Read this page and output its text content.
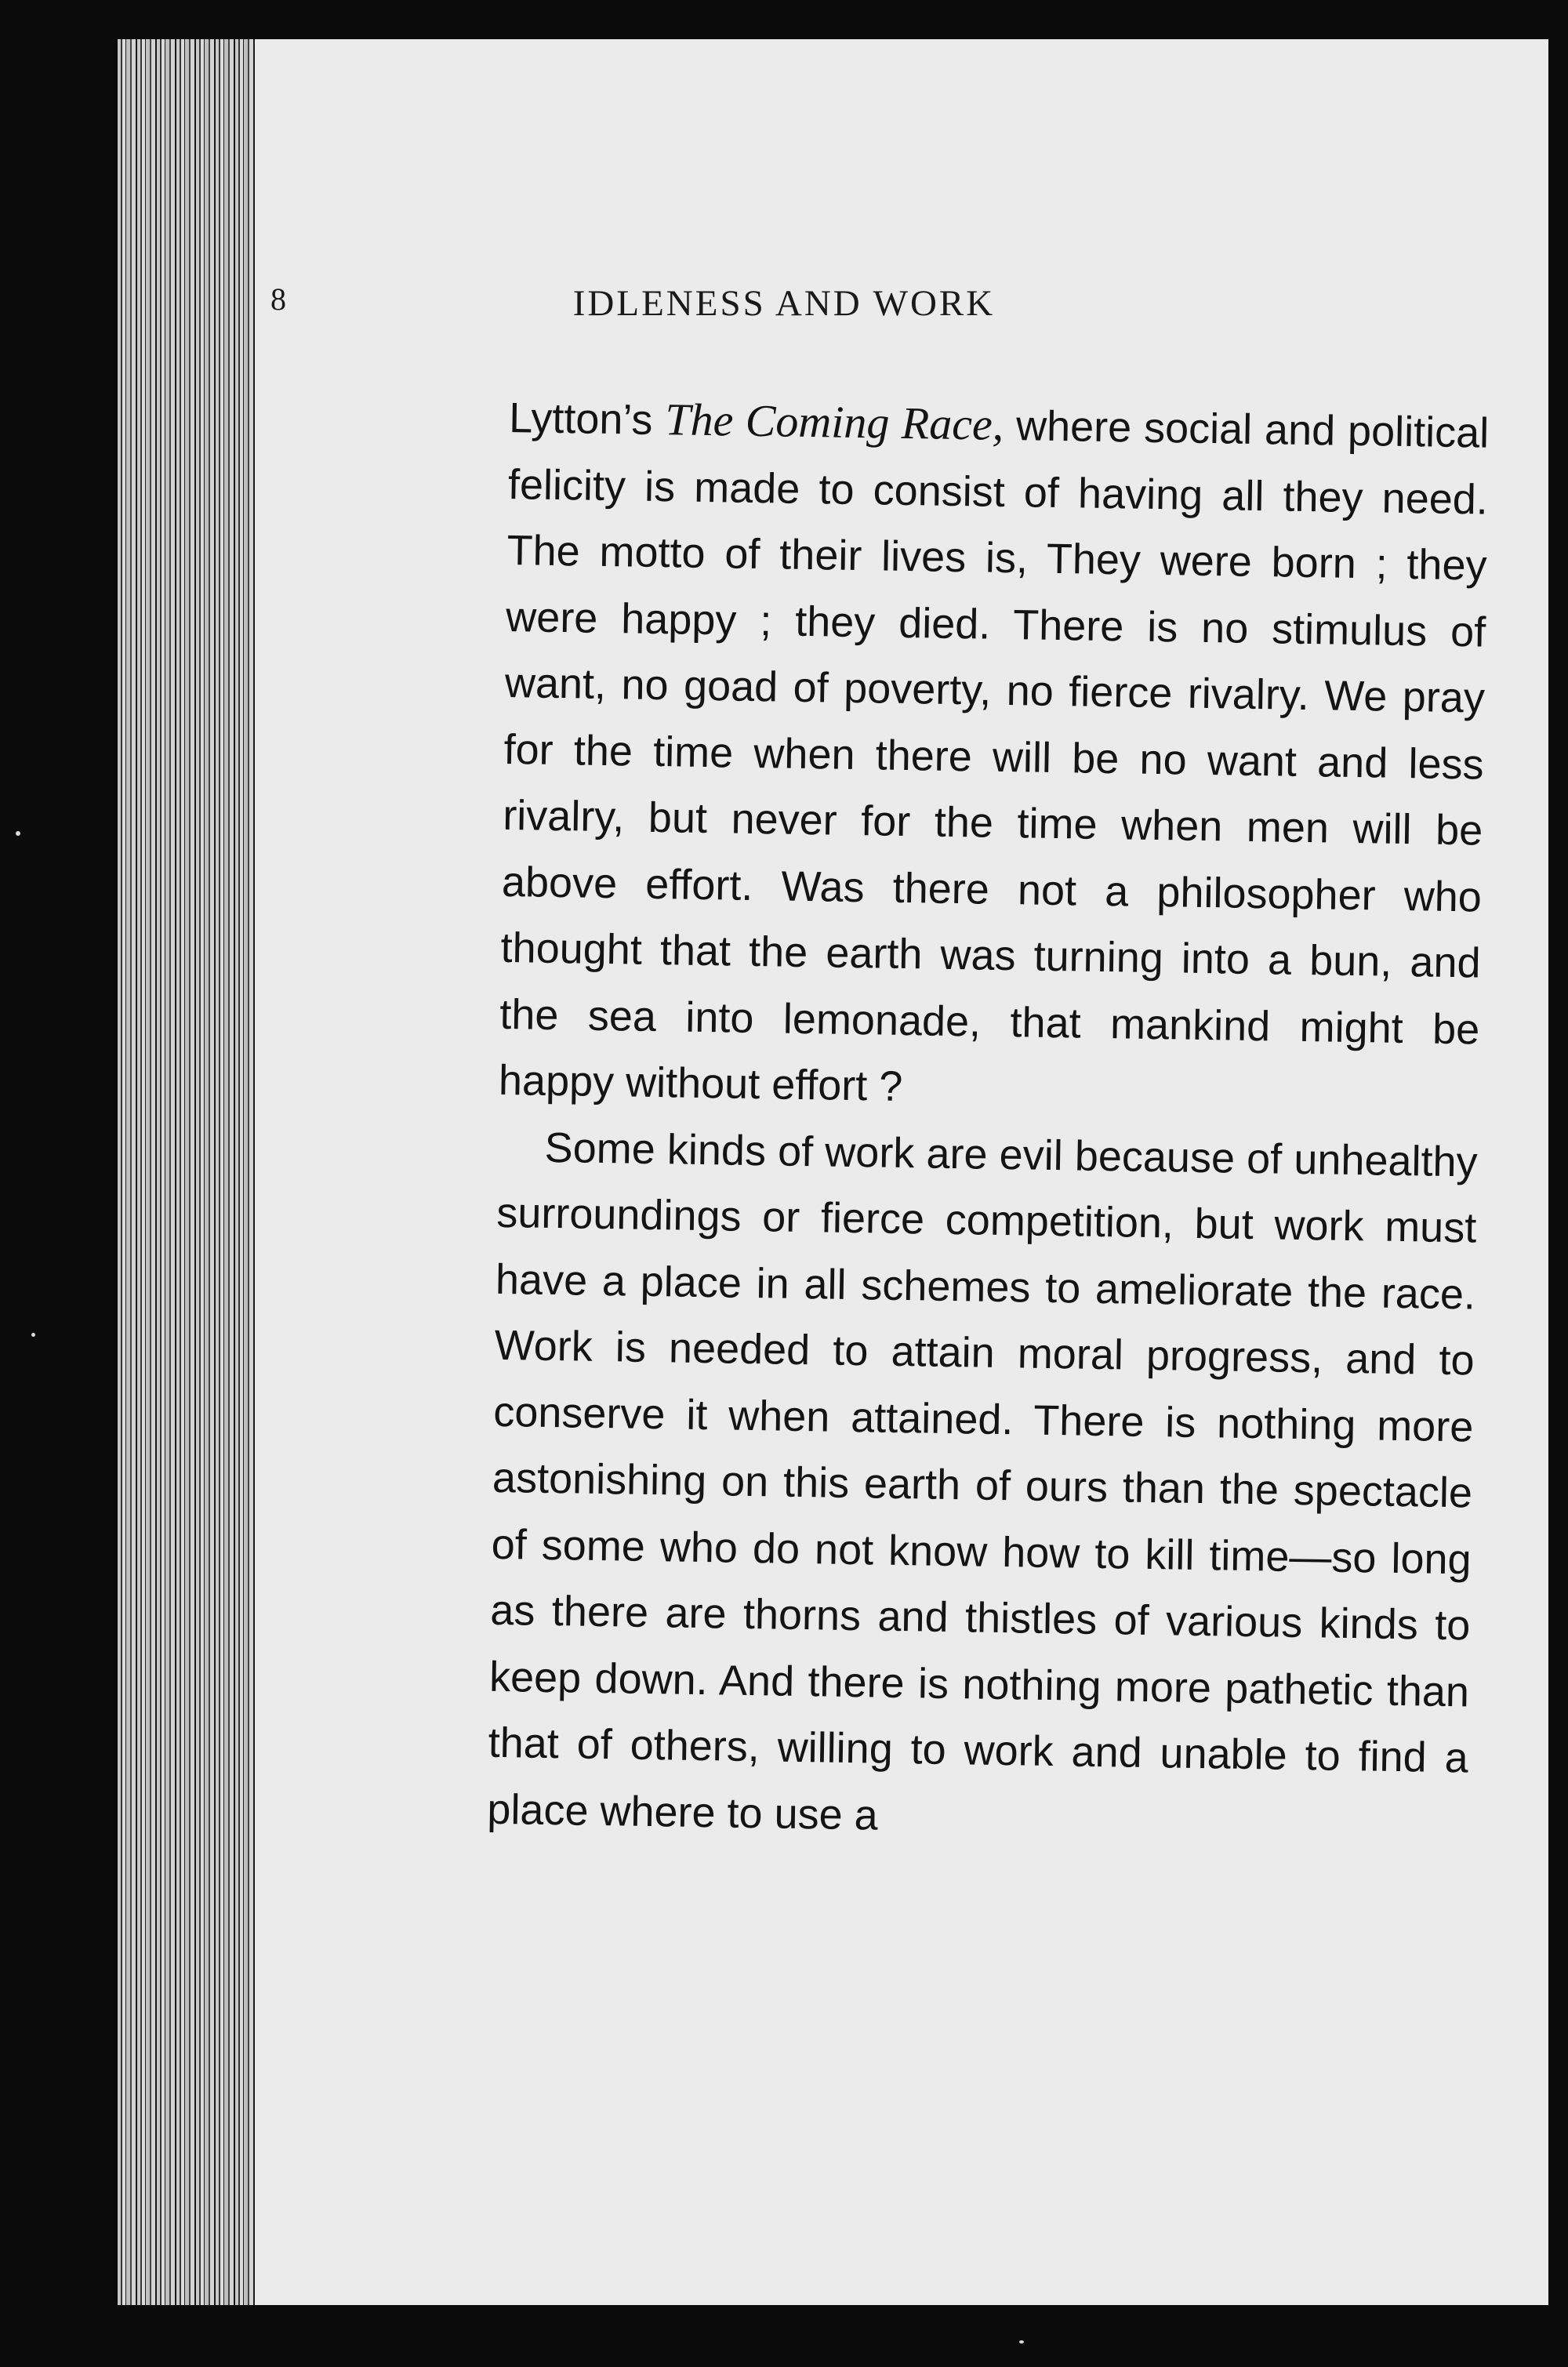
8	IDLENESS AND WORK

Lytton’s The Coming Race, where social and political felicity is made to consist of having all they need. The motto of their lives is, They were born ; they were happy ; they died. There is no stimulus of want, no goad of poverty, no fierce rivalry. We pray for the time when there will be no want and less rivalry, but never for the time when men will be above effort. Was there not a philosopher who thought that the earth was turning into a bun, and the sea into lemonade, that mankind might be happy without effort ?

Some kinds of work are evil because of unhealthy surroundings or fierce competition, but work must have a place in all schemes to ameliorate the race. Work is needed to attain moral progress, and to conserve it when attained. There is nothing more astonishing on this earth of ours than the spectacle of some who do not know how to kill time—so long as there are thorns and thistles of various kinds to keep down. And there is nothing more pathetic than that of others, willing to work and unable to find a place where to use a
